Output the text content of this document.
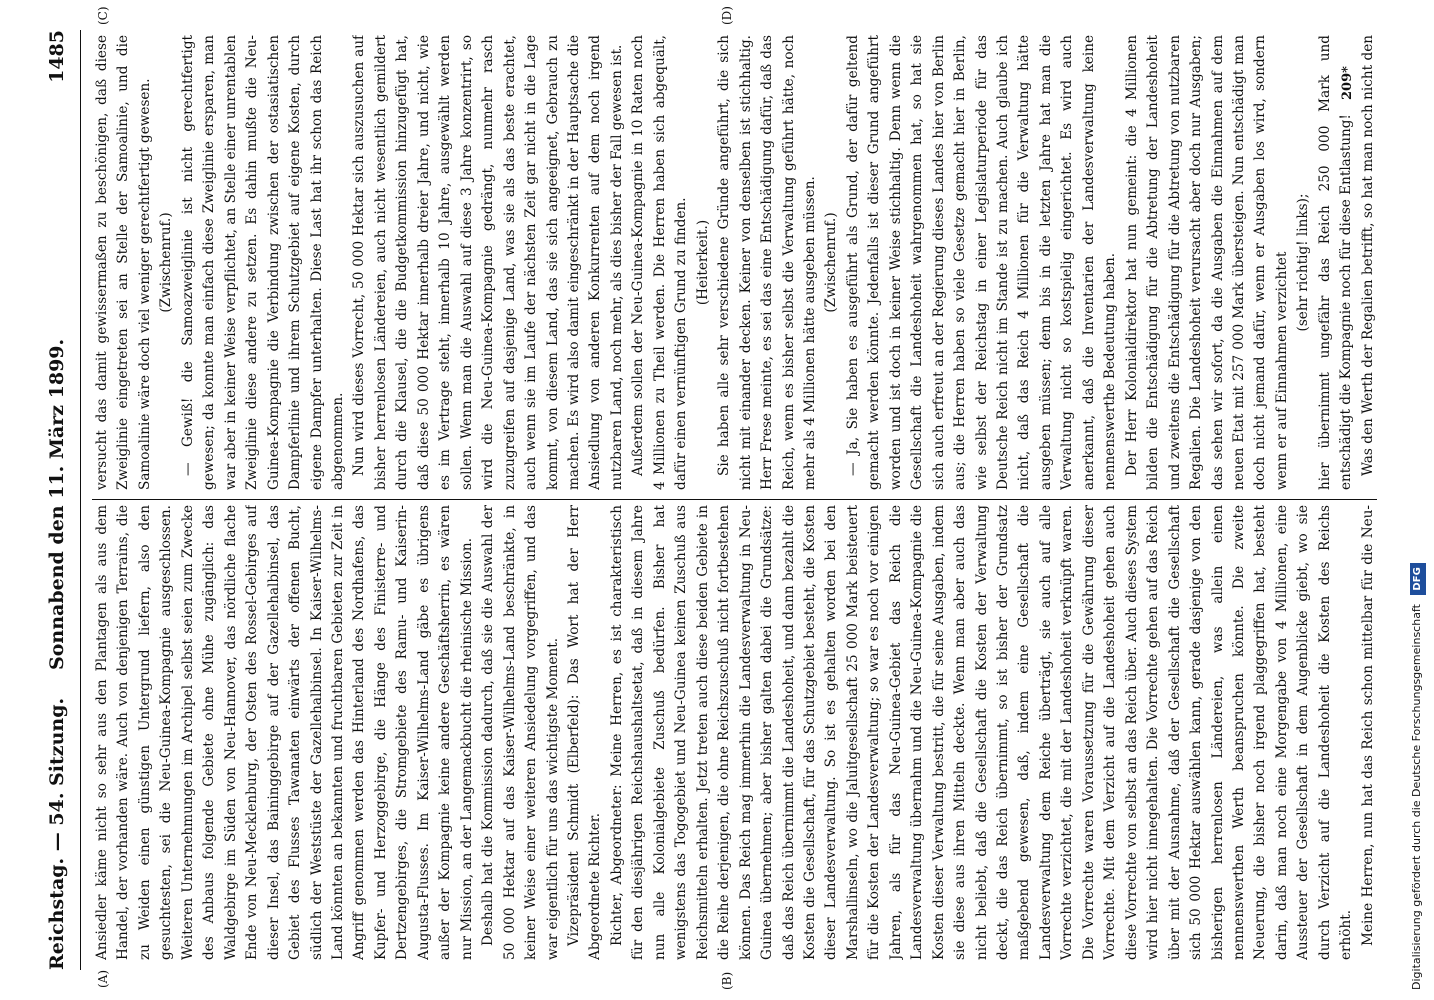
Reichstag. — 54. Sitzung.
Sonnabend den 11. März 1899.
1485
(A)	(B)
(C)	(D)

Ansiedler käme nicht so sehr aus den Plantagen als aus dem Handel, der vorhanden wäre. Auch von denjenigen Terrains, die zu Weiden einen günstigen Untergrund liefern, also den gesuchtesten, sei die Neu-Guinea-Kompagnie ausgeschlossen. Weiteren Unternehmungen im Archipel selbst seien zum Zwecke des Anbaus folgende Gebiete ohne Mühe zugänglich: das Waldgebirge im Süden von Neu-Hannover, das nördliche flache Ende von Neu-Mecklenburg, der Osten des Rossel-Gebirges auf dieser Insel, das Baininggebirge auf der Gazellehalbinsel, das Gebiet des Flusses Tawanaten einwärts der offenen Bucht, südlich der Weststüste der Gazellehalbinsel. In Kaiser-Wilhelms-Land könnten an bekannten und fruchtbaren Gebieten zur Zeit in Angriff genommen werden das Hinterland des Nordhafens, das Kupfer- und Herzoggebirge, die Hänge des Finisterre- und Dertzengebirges, die Stromgebiete des Ramu- und Kaiserin-Augusta-Flusses. Im Kaiser-Wilhelms-Land gäbe es übrigens außer der Kompagnie keine andere Geschäftsherrin, es wären nur Mission, an der Langemackbucht die rheinische Mission. Deshalb hat die Kommission dadurch, daß sie die Auswahl der 50 000 Hektar auf das Kaiser-Wilhelms-Land beschränkte, in keiner Weise einer weiteren Ansiedelung vorgegriffen, und das war eigentlich für uns das wichtigste Moment. Vizepräsident Schmidt (Elberfeld): Das Wort hat der Herr Abgeordnete Richter. Richter, Abgeordneter: Meine Herren, es ist charakteristisch für den diesjährigen Reichshaushaltsetat, daß in diesem Jahre nun alle Kolonialgebiete Zuschuß bedürfen. Bisher hat wenigstens das Togogebiet und Neu-Guinea keinen Zuschuß aus Reichsmitteln erhalten. Jetzt treten auch diese beiden Gebiete in die Reihe derjenigen, die ohne Reichszuschuß nicht fortbestehen können. Das Reich mag immerhin die Landesverwaltung in Neu-Guinea übernehmen; aber bisher galten dabei die Grundsätze: daß das Reich übernimmt die Landeshoheit, und dann bezahlt die Kosten die Gesellschaft, für das Schutzgebiet besteht, die Kosten dieser Landesverwaltung. So ist es gehalten worden bei den Marshallinseln, wo die Jaluitgesellschaft 25 000 Mark beisteuert für die Kosten der Landesverwaltung; so war es noch vor einigen Jahren, als für das Neu-Guinea-Gebiet das Reich die Landesverwaltung übernahm und die Neu-Guinea-Kompagnie die Kosten dieser Verwaltung bestritt, die für seine Ausgaben, indem sie diese aus ihren Mitteln deckte. Wenn man aber auch das nicht beliebt, daß die Gesellschaft die Kosten der Verwaltung deckt, die das Reich übernimmt, so ist bisher der Grundsatz maßgebend gewesen, daß, indem eine Gesellschaft die Landesverwaltung dem Reiche überträgt, sie auch auf alle Vorrechte verzichtet, die mit der Landeshoheit verknüpft waren. Die Vorrechte waren Voraussetzung für die Gewährung dieser Vorrechte. Mit dem Verzicht auf die Landeshoheit gehen auch diese Vorrechte von selbst an das Reich über. Auch dieses System wird hier nicht innegehalten. Die Vorrechte gehen auf das Reich über mit der Ausnahme, daß der Gesellschaft die Gesellschaft sich 50 000 Hektar auswählen kann, gerade dasjenige von den bisherigen herrenlosen Ländereien, was allein einen nennenswerthen Werth beanspruchen könnte. Die zweite Neuerung, die bisher noch irgend plaggegriffen hat, besteht darin, daß man noch eine Morgengabe von 4 Millionen, eine Aussteuer der Gesellschaft in dem Augenblicke giebt, wo sie durch Verzicht auf die Landeshoheit die Kosten des Reichs erhöht. Meine Herren, nun hat das Reich schon mittelbar für die Neu-

versucht das damit gewissermaßen zu beschönigen, daß diese Zweiglinie eingetreten sei an Stelle der Samoalinie, und die Samoalinie wäre doch viel weniger gerechtfertigt gewesen. (Zwischenruf.) — Gewiß! die Samoazweiglinie ist nicht gerechtfertigt gewesen; da konnte man einfach diese Zweiglinie ersparen, man war aber in keiner Weise verpflichtet, an Stelle einer unrentablen Zweiglinie diese andere zu setzen. Es dahin mußte die Neu-Guinea-Kompagnie die Verbindung zwischen der ostasiatischen Dampferlinie und ihrem Schutzgebiet auf eigene Kosten, durch eigene Dampfer unterhalten. Diese Last hat ihr schon das Reich abgenommen. Nun wird dieses Vorrecht, 50 000 Hektar sich auszusuchen auf bisher herrenlosen Ländereien, auch nicht wesentlich gemildert durch die Klausel, die die Budgetkommission hinzugefügt hat, daß diese 50 000 Hektar innerhalb dreier Jahre, und nicht, wie es im Vertrage steht, innerhalb 10 Jahre, ausgewählt werden sollen. Wenn man die Auswahl auf diese 3 Jahre konzentrirt, so wird die Neu-Guinea-Kompagnie gedrängt, nunmehr rasch zuzugreifen auf dasjenige Land, was sie als das beste erachtet, auch wenn sie im Laufe der nächsten Zeit gar nicht in die Lage kommt, von diesem Land, das sie sich angeeignet, Gebrauch zu machen. Es wird also damit eingeschränkt in der Hauptsache die Ansiedlung von anderen Konkurrenten auf dem noch irgend nutzbaren Land, noch mehr, als dies bisher der Fall gewesen ist. Außerdem sollen der Neu-Guinea-Kompagnie in 10 Raten noch 4 Millionen zu Theil werden. Die Herren haben sich abgequält, dafür einen vernünftigen Grund zu finden. (Heiterkeit.) Sie haben alle sehr verschiedene Gründe angeführt, die sich nicht mit einander decken. Keiner von denselben ist stichhaltig. Herr Frese meinte, es sei das eine Entschädigung dafür, daß das Reich, wenn es bisher selbst die Verwaltung geführt hätte, noch mehr als 4 Millionen hätte ausgeben müssen. (Zwischenruf.) — Ja, Sie haben es ausgeführt als Grund, der dafür geltend gemacht werden könnte. Jedenfalls ist dieser Grund angeführt worden und ist doch in keiner Weise stichhaltig. Denn wenn die Gesellschaft die Landeshoheit wahrgenommen hat, so hat sie sich auch erfreut an der Regierung dieses Landes hier von Berlin aus; die Herren haben so viele Gesetze gemacht hier in Berlin, wie selbst der Reichstag in einer Legislaturperiode für das Deutsche Reich nicht im Stande ist zu machen. Auch glaube ich nicht, daß das Reich 4 Millionen für die Verwaltung hätte ausgeben müssen; denn bis in die letzten Jahre hat man die Verwaltung nicht so kostspielig eingerichtet. Es wird auch anerkannt, daß die Inventarien der Landesverwaltung keine nennenswerthe Bedeutung haben. Der Herr Kolonialdirektor hat nun gemeint: die 4 Millionen bilden die Entschädigung für die Abtretung der Landeshoheit und zweitens die Entschädigung für die Abtretung von nutzbaren Regalien. Die Landeshoheit verursacht aber doch nur Ausgaben; das sehen wir sofort, da die Ausgaben die Einnahmen auf dem neuen Etat mit 257 000 Mark übersteigen. Nun entschädigt man doch nicht jemand dafür, wenn er Ausgaben los wird, sondern wenn er auf Einnahmen verzichtet (sehr richtig! links); hier übernimmt ungefähr das Reich 250 000 Mark und entschädigt die Kompagnie noch für diese Entlastung! Was den Werth der Regalien betrifft, so hat man noch nicht den

209*
Digitalisierung gefördert durch die Deutsche Forschungsgemeinschaft DFG
